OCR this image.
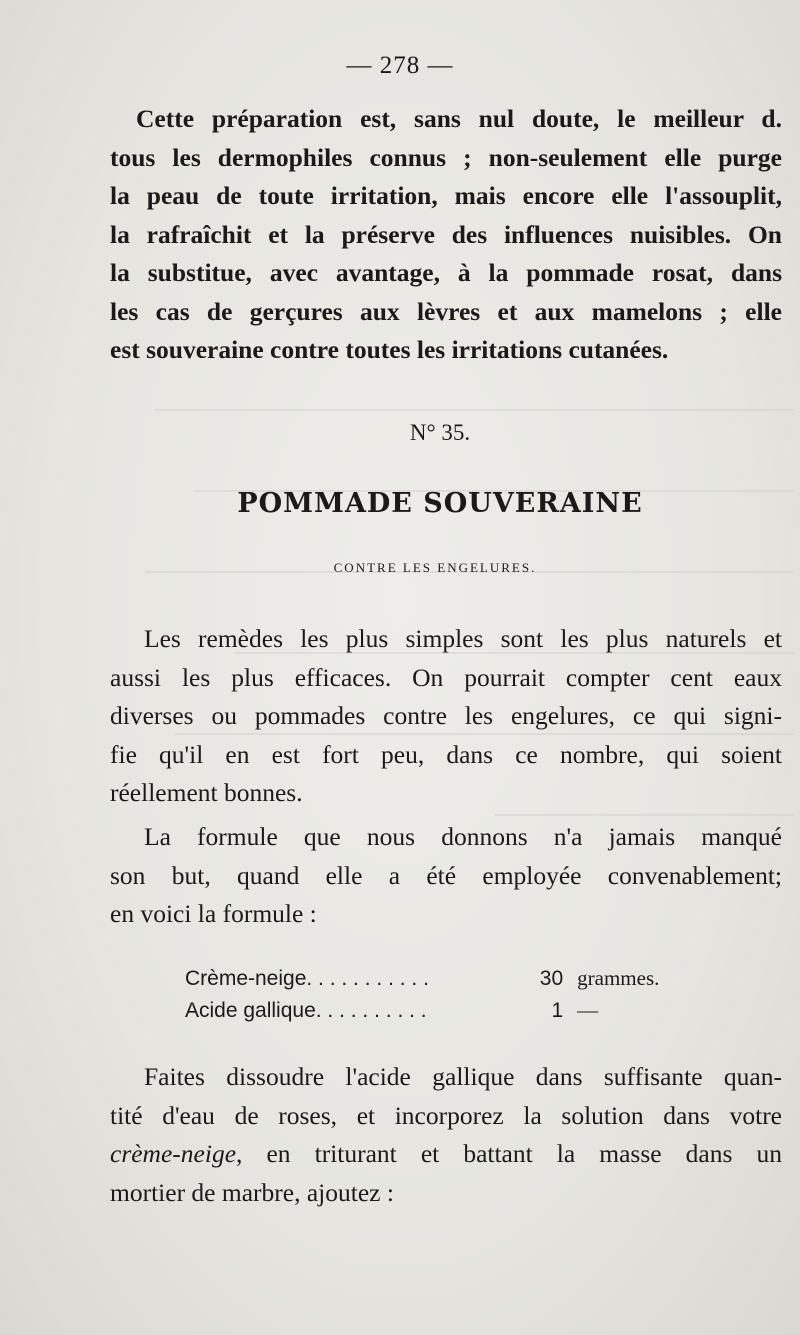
— 278 —
Cette préparation est, sans nul doute, le meilleur d.
tous les dermophiles connus ; non-seulement elle purge
la peau de toute irritation, mais encore elle l'assouplit,
la rafraîchit et la préserve des influences nuisibles. On
la substitue, avec avantage, à la pommade rosat, dans
les cas de gerçures aux lèvres et aux mamelons ; elle
est souveraine contre toutes les irritations cutanées.
N° 35.
POMMADE SOUVERAINE
CONTRE LES ENGELURES.
Les remèdes les plus simples sont les plus naturels et
aussi les plus efficaces. On pourrait compter cent eaux
diverses ou pommades contre les engelures, ce qui signi-
fie qu'il en est fort peu, dans ce nombre, qui soient
réellement bonnes.
La formule que nous donnons n'a jamais manqué
son but, quand elle a été employée convenablement;
en voici la formule :
Crème-neige. . . . . . . . . . .	30 grammes.
Acide gallique. . . . . . . . . .	1 —
Faites dissoudre l'acide gallique dans suffisante quan-
tité d'eau de roses, et incorporez la solution dans votre
crème-neige, en triturant et battant la masse dans un
mortier de marbre, ajoutez :
